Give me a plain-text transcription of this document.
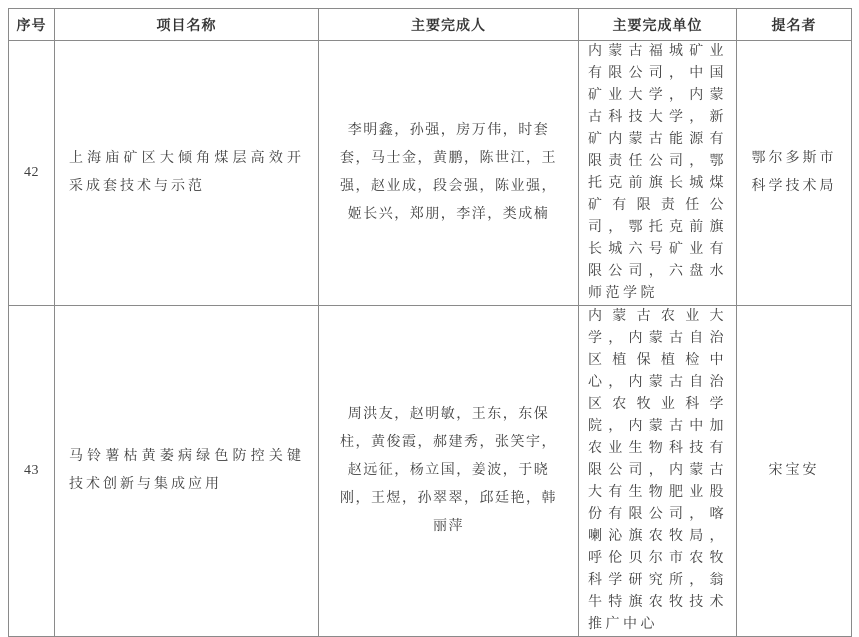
序号	项目名称	主要完成人	主要完成单位	提名者
42	上海庙矿区大倾角煤层高效开采成套技术与示范	李明鑫，孙强，房万伟，时套套，马士金，黄鹏，陈世江，王强，赵业成，段会强，陈业强，姬长兴，郑朋，李洋，类成楠	内蒙古福城矿业有限公司，中国矿业大学，内蒙古科技大学，新矿内蒙古能源有限责任公司，鄂托克前旗长城煤矿有限责任公司，鄂托克前旗长城六号矿业有限公司，六盘水师范学院	鄂尔多斯市科学技术局
43	马铃薯枯黄萎病绿色防控关键技术创新与集成应用	周洪友，赵明敏，王东，东保柱，黄俊霞，郝建秀，张笑宇，赵远征，杨立国，姜波，于晓刚，王煜，孙翠翠，邱廷艳，韩丽萍	内蒙古农业大学，内蒙古自治区植保植检中心，内蒙古自治区农牧业科学院，内蒙古中加农业生物科技有限公司，内蒙古大有生物肥业股份有限公司，喀喇沁旗农牧局，呼伦贝尔市农牧科学研究所，翁牛特旗农牧技术推广中心	宋宝安
